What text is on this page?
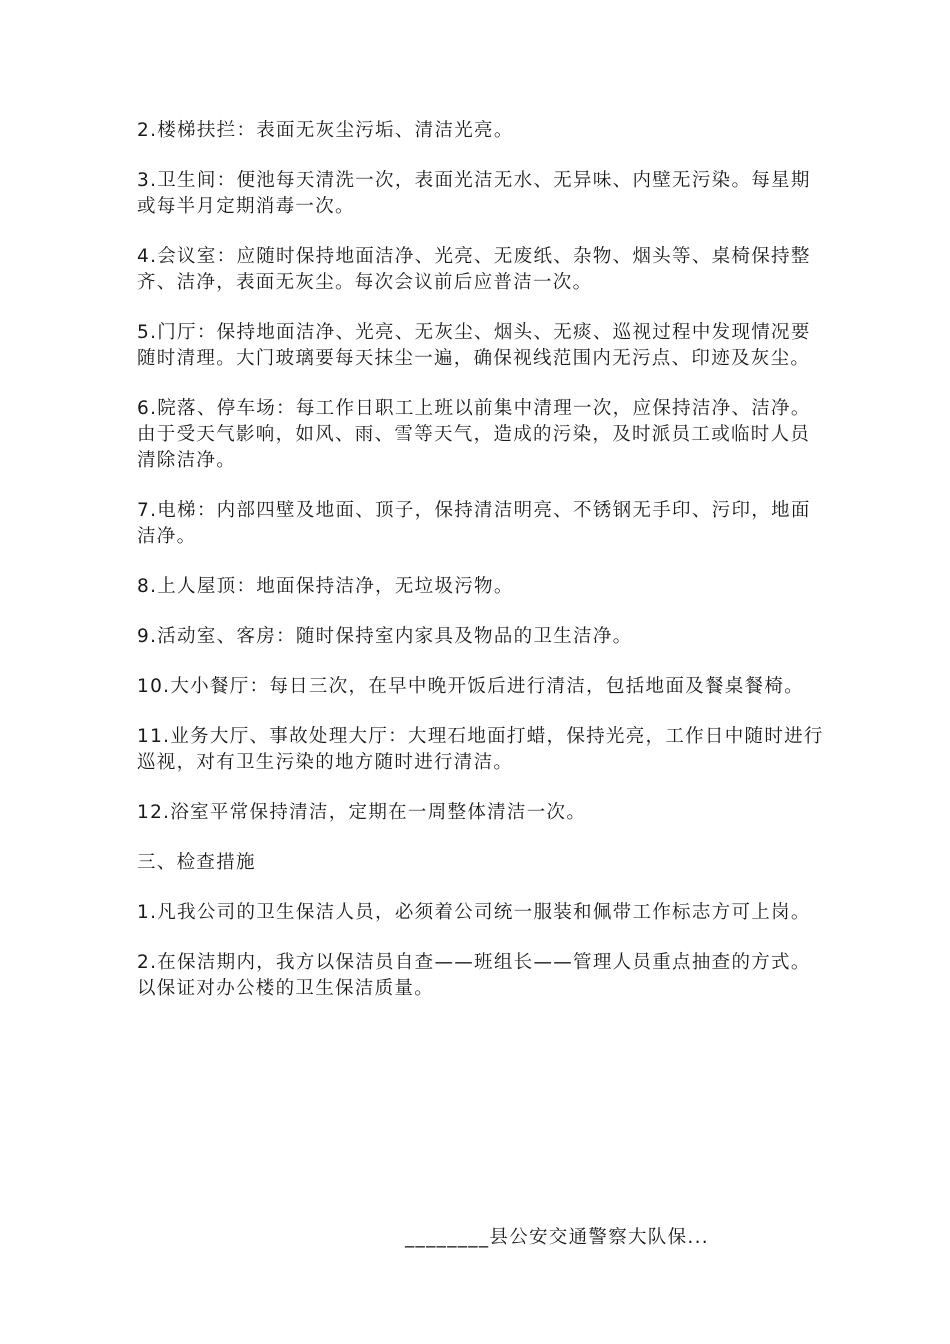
2.楼梯扶拦：表面无灰尘污垢、清洁光亮。

3.卫生间：便池每天清洗一次，表面光洁无水、无异味、内壁无污染。每星期或每半月定期消毒一次。

4.会议室：应随时保持地面洁净、光亮、无废纸、杂物、烟头等、桌椅保持整齐、洁净，表面无灰尘。每次会议前后应普洁一次。

5.门厅：保持地面洁净、光亮、无灰尘、烟头、无痰、巡视过程中发现情况要随时清理。大门玻璃要每天抹尘一遍，确保视线范围内无污点、印迹及灰尘。

6.院落、停车场：每工作日职工上班以前集中清理一次，应保持洁净、洁净。由于受天气影响，如风、雨、雪等天气，造成的污染，及时派员工或临时人员清除洁净。

7.电梯：内部四壁及地面、顶子，保持清洁明亮、不锈钢无手印、污印，地面洁净。

8.上人屋顶：地面保持洁净，无垃圾污物。

9.活动室、客房：随时保持室内家具及物品的卫生洁净。

10.大小餐厅：每日三次，在早中晚开饭后进行清洁，包括地面及餐桌餐椅。

11.业务大厅、事故处理大厅：大理石地面打蜡，保持光亮，工作日中随时进行巡视，对有卫生污染的地方随时进行清洁。

12.浴室平常保持清洁，定期在一周整体清洁一次。

三、检查措施

1.凡我公司的卫生保洁人员，必须着公司统一服装和佩带工作标志方可上岗。

2.在保洁期内，我方以保洁员自查——班组长——管理人员重点抽查的方式。以保证对办公楼的卫生保洁质量。

________县公安交通警察大队保...
